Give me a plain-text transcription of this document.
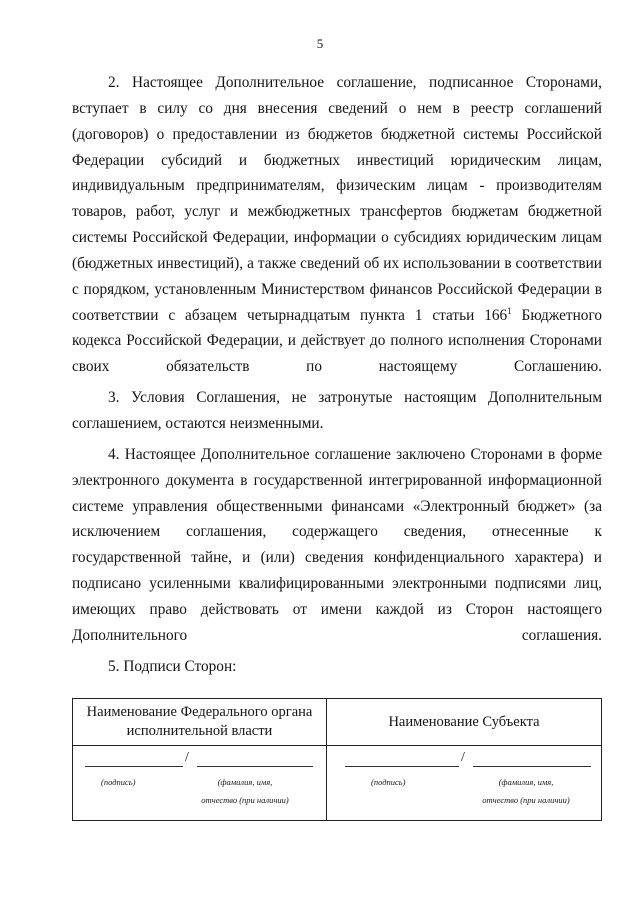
5

2. Настоящее Дополнительное соглашение, подписанное Сторонами, вступает в силу со дня внесения сведений о нем в реестр соглашений (договоров) о предоставлении из бюджетов бюджетной системы Российской Федерации субсидий и бюджетных инвестиций юридическим лицам, индивидуальным предпринимателям, физическим лицам - производителям товаров, работ, услуг и межбюджетных трансфертов бюджетам бюджетной системы Российской Федерации, информации о субсидиях юридическим лицам (бюджетных инвестиций), а также сведений об их использовании в соответствии с порядком, установленным Министерством финансов Российской Федерации в соответствии с абзацем четырнадцатым пункта 1 статьи $166^1$ Бюджетного кодекса Российской Федерации, и действует до полного исполнения Сторонами своих обязательств по настоящему Соглашению.

3. Условия Соглашения, не затронутые настоящим Дополнительным соглашением, остаются неизменными.

4. Настоящее Дополнительное соглашение заключено Сторонами в форме электронного документа в государственной интегрированной информационной системе управления общественными финансами «Электронный бюджет» (за исключением соглашения, содержащего сведения, отнесенные к государственной тайне, и (или) сведения конфиденциального характера) и подписано усиленными квалифицированными электронными подписями лиц, имеющих право действовать от имени каждой из Сторон настоящего Дополнительного соглашения.

5. Подписи Сторон:

Наименование Федерального органа исполнительной власти
Наименование Субъекта
/
(подпись)	(фамилия, имя,
отчество (при наличии)
/
(подпись)	(фамилия, имя,
отчество (при наличии)
